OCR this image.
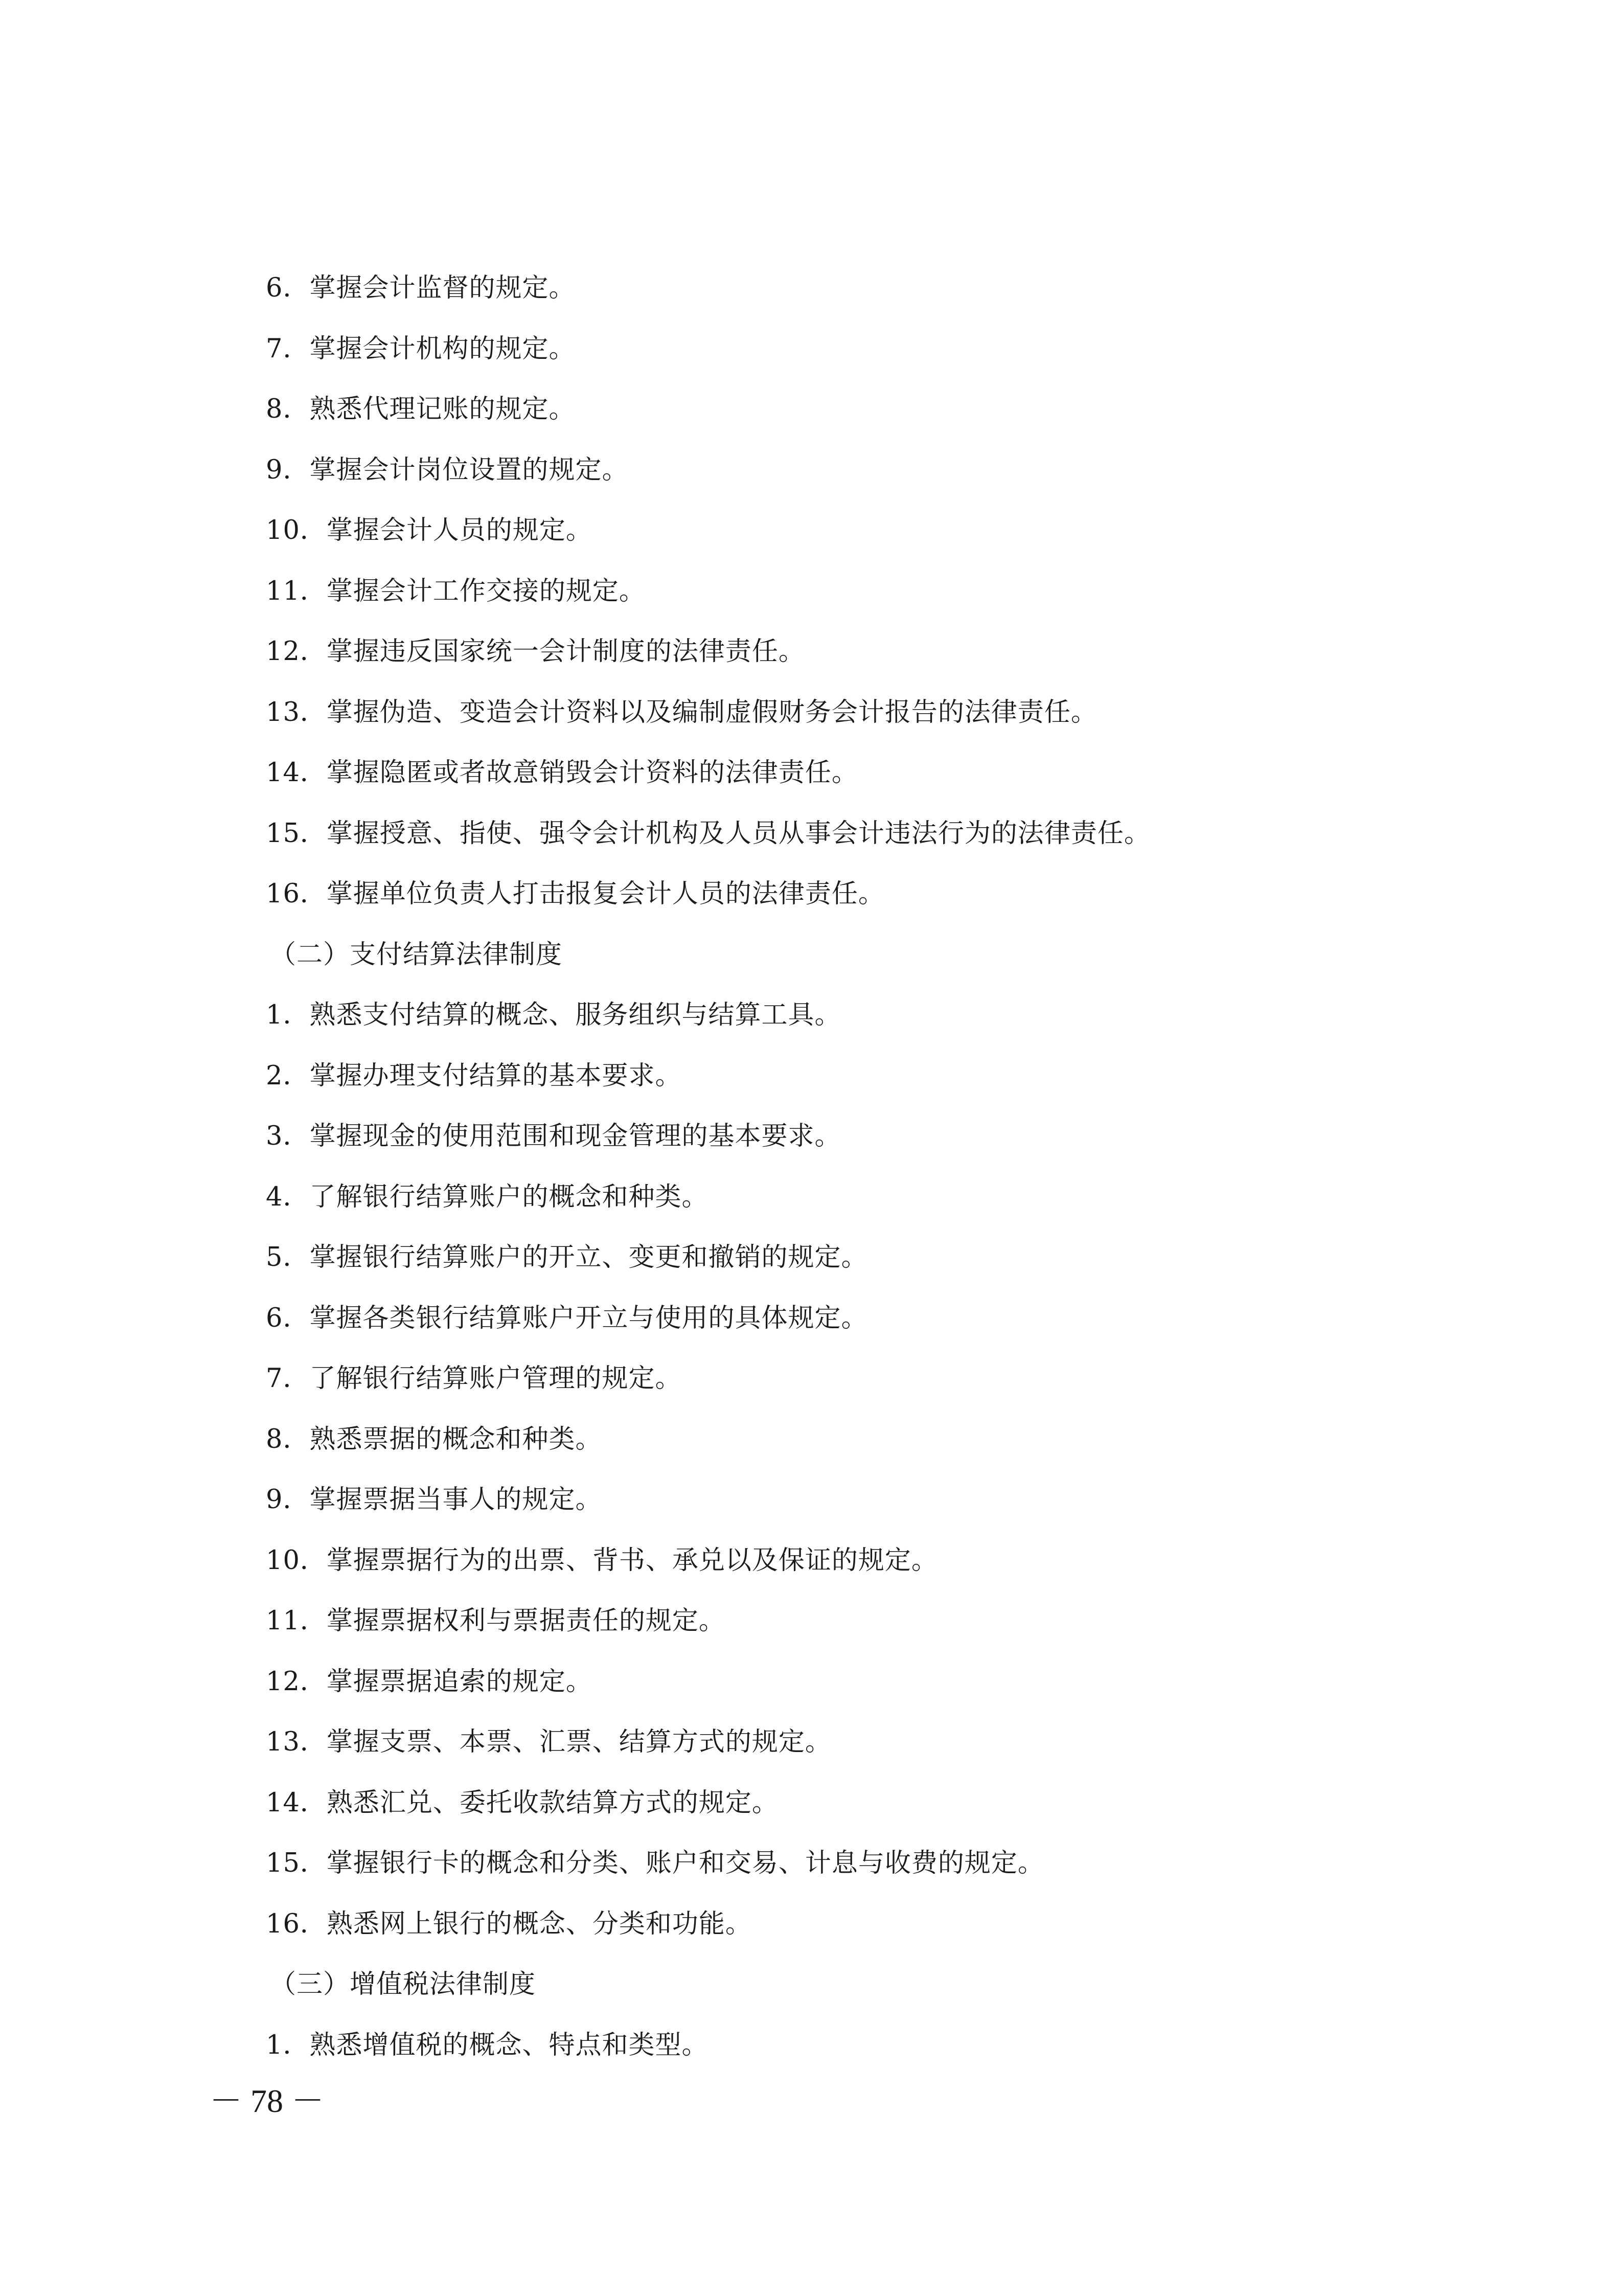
6．掌握会计监督的规定。
7．掌握会计机构的规定。
8．熟悉代理记账的规定。
9．掌握会计岗位设置的规定。
10．掌握会计人员的规定。
11．掌握会计工作交接的规定。
12．掌握违反国家统一会计制度的法律责任。
13．掌握伪造、变造会计资料以及编制虚假财务会计报告的法律责任。
14．掌握隐匿或者故意销毁会计资料的法律责任。
15．掌握授意、指使、强令会计机构及人员从事会计违法行为的法律责任。
16．掌握单位负责人打击报复会计人员的法律责任。
（二）支付结算法律制度
1．熟悉支付结算的概念、服务组织与结算工具。
2．掌握办理支付结算的基本要求。
3．掌握现金的使用范围和现金管理的基本要求。
4．了解银行结算账户的概念和种类。
5．掌握银行结算账户的开立、变更和撤销的规定。
6．掌握各类银行结算账户开立与使用的具体规定。
7．了解银行结算账户管理的规定。
8．熟悉票据的概念和种类。
9．掌握票据当事人的规定。
10．掌握票据行为的出票、背书、承兑以及保证的规定。
11．掌握票据权利与票据责任的规定。
12．掌握票据追索的规定。
13．掌握支票、本票、汇票、结算方式的规定。
14．熟悉汇兑、委托收款结算方式的规定。
15．掌握银行卡的概念和分类、账户和交易、计息与收费的规定。
16．熟悉网上银行的概念、分类和功能。
（三）增值税法律制度
1．熟悉增值税的概念、特点和类型。
－ 78 －
